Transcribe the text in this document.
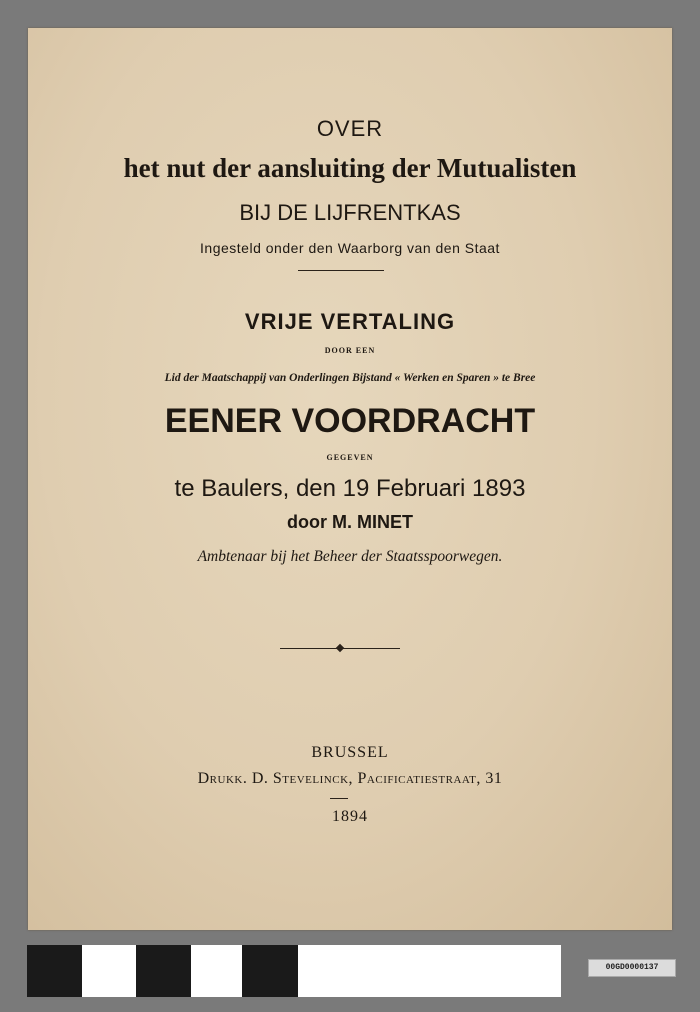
OVER
het nut der aansluiting der Mutualisten
BIJ DE LIJFRENTKAS
Ingesteld onder den Waarborg van den Staat
VRIJE VERTALING
DOOR EEN
Lid der Maatschappij van Onderlingen Bijstand « Werken en Sparen » te Bree
EENER VOORDRACHT
GEGEVEN
te Baulers, den 19 Februari 1893
door M. MINET
Ambtenaar bij het Beheer der Staatsspoorwegen.
BRUSSEL
Drukk. D. Stevelinck, Pacificatiestraat, 31
1894
00GD0000137
